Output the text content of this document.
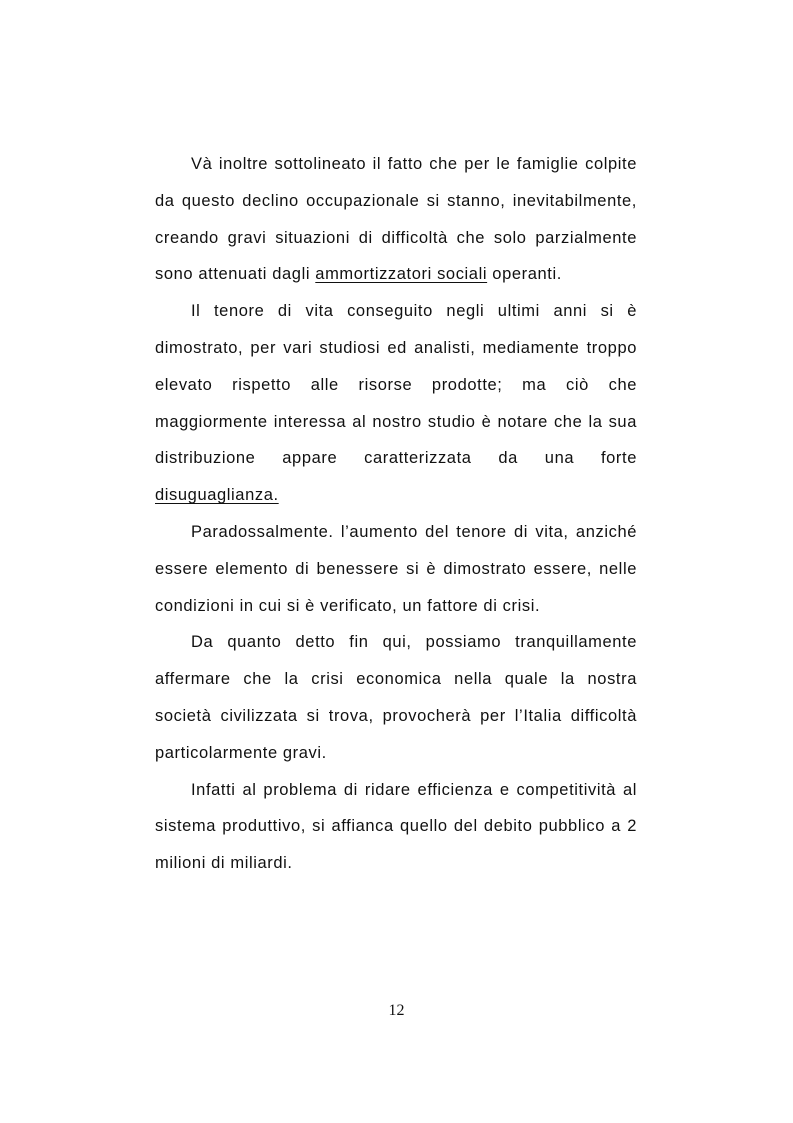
Và inoltre sottolineato il fatto che per le famiglie colpite da questo declino occupazionale si stanno, inevitabilmente, creando gravi situazioni di difficoltà che solo parzialmente sono attenuati dagli ammortizzatori sociali operanti.

Il tenore di vita conseguito negli ultimi anni si è dimostrato, per vari studiosi ed analisti, mediamente troppo elevato rispetto alle risorse prodotte; ma ciò che maggiormente interessa al nostro studio è notare che la sua distribuzione appare caratterizzata da una forte disuguaglianza.

Paradossalmente. l’aumento del tenore di vita, anziché essere elemento di benessere si è dimostrato essere, nelle condizioni in cui si è verificato, un fattore di crisi.

Da quanto detto fin qui, possiamo tranquillamente affermare che la crisi economica nella quale la nostra società civilizzata si trova, provocherà per l’Italia difficoltà particolarmente gravi.

Infatti al problema di ridare efficienza e competitività al sistema produttivo, si affianca quello del debito pubblico a 2 milioni di miliardi.

12
